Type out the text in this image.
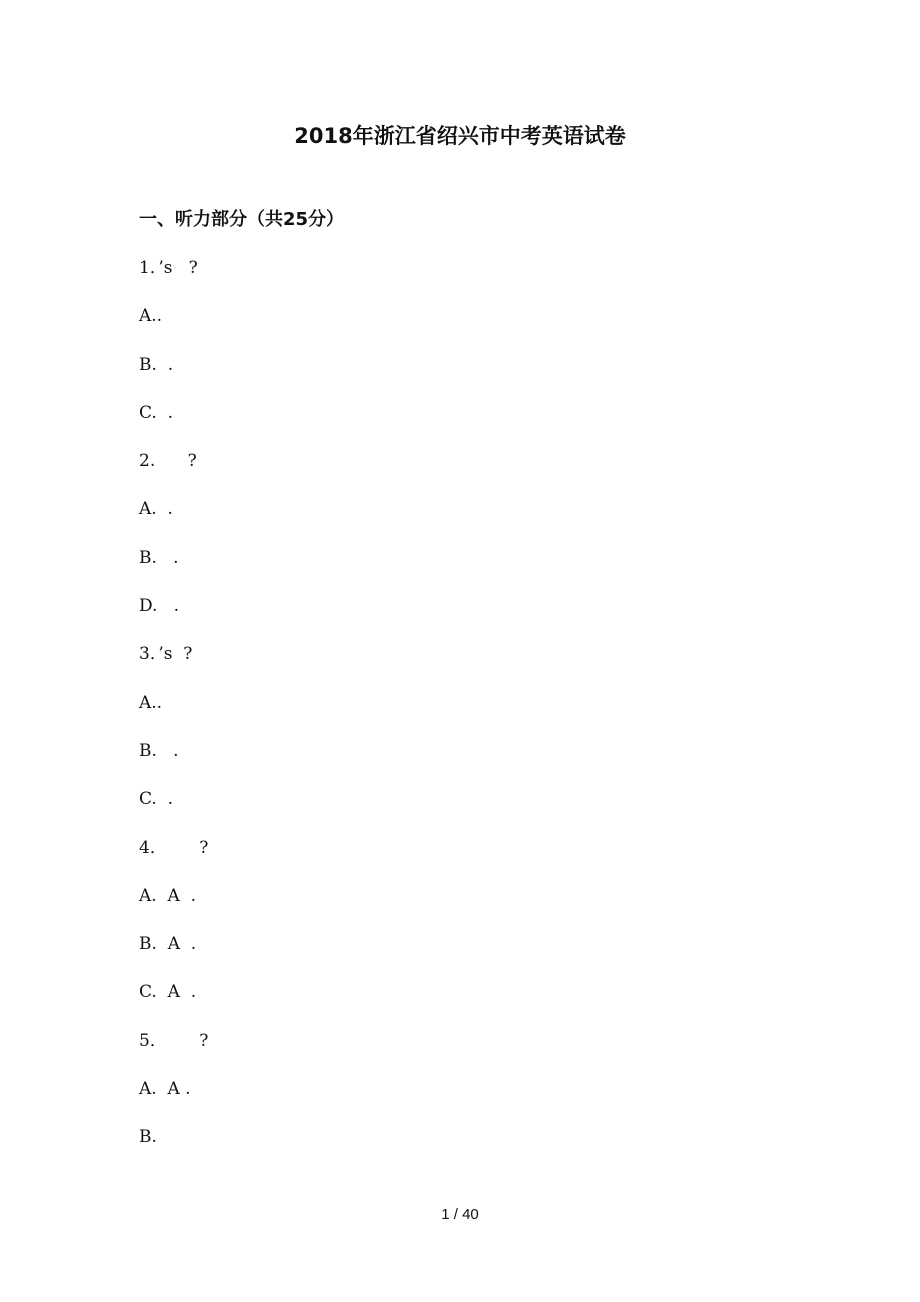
2018年浙江省绍兴市中考英语试卷
一、听力部分（共25分）
1．’s   ?
A..
B.  .
C.  .
2.      ?
A.  .
B.   .
D.   .
3．’s  ?
A..
B.   .
C.  .
4．      ?
A.  A  .
B.  A  .
C.  A  .
5．      ?
A.  A .
B.
1 / 40
